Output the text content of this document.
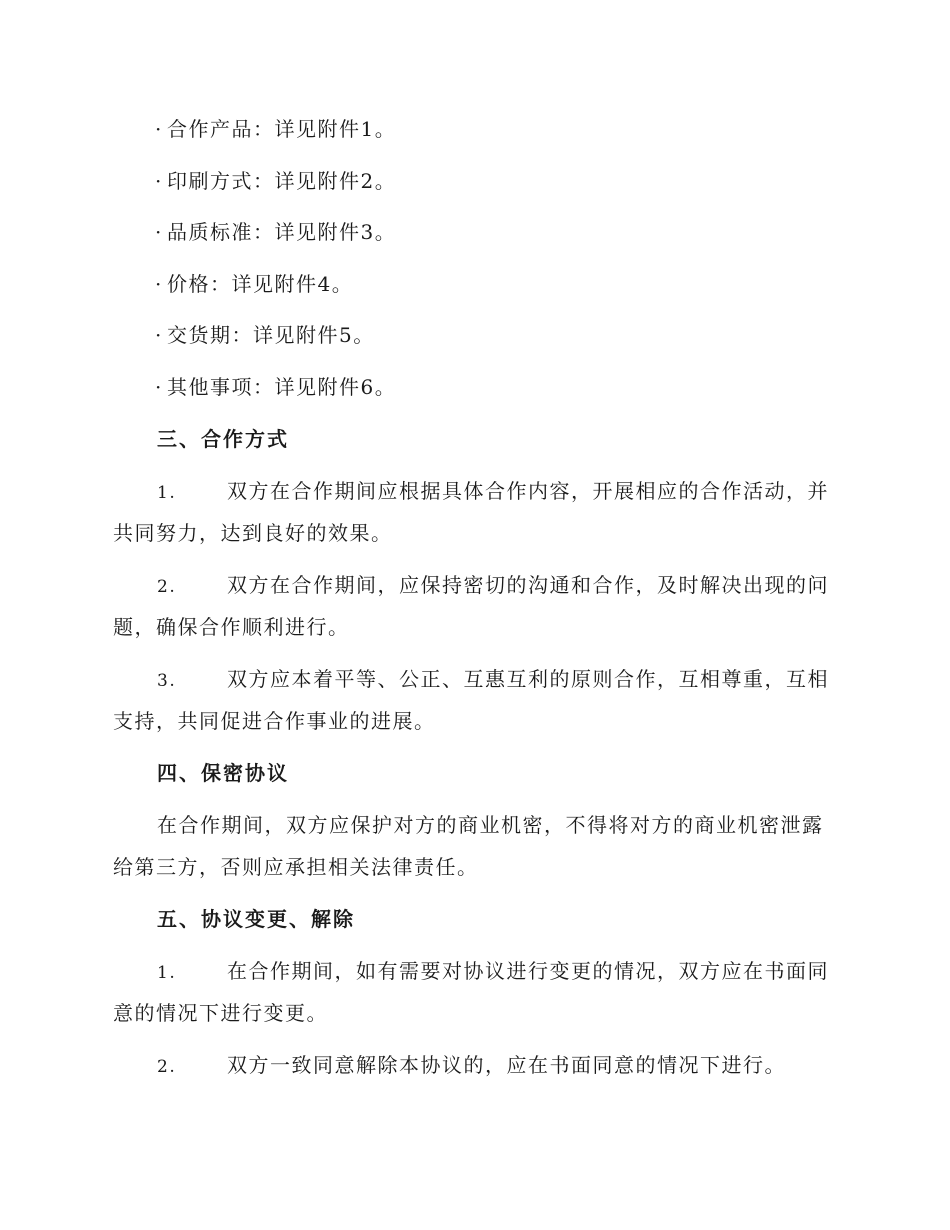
· 合作产品：详见附件1。
· 印刷方式：详见附件2。
· 品质标准：详见附件3。
· 价格：详见附件4。
· 交货期：详见附件5。
· 其他事项：详见附件6。
三、合作方式
1.	双方在合作期间应根据具体合作内容，开展相应的合作活动，并
共同努力，达到良好的效果。
2.	双方在合作期间，应保持密切的沟通和合作，及时解决出现的问
题，确保合作顺利进行。
3.	双方应本着平等、公正、互惠互利的原则合作，互相尊重，互相
支持，共同促进合作事业的进展。
四、保密协议
在合作期间，双方应保护对方的商业机密，不得将对方的商业机密泄露
给第三方，否则应承担相关法律责任。
五、协议变更、解除
1.	在合作期间，如有需要对协议进行变更的情况，双方应在书面同
意的情况下进行变更。
2.	双方一致同意解除本协议的，应在书面同意的情况下进行。
